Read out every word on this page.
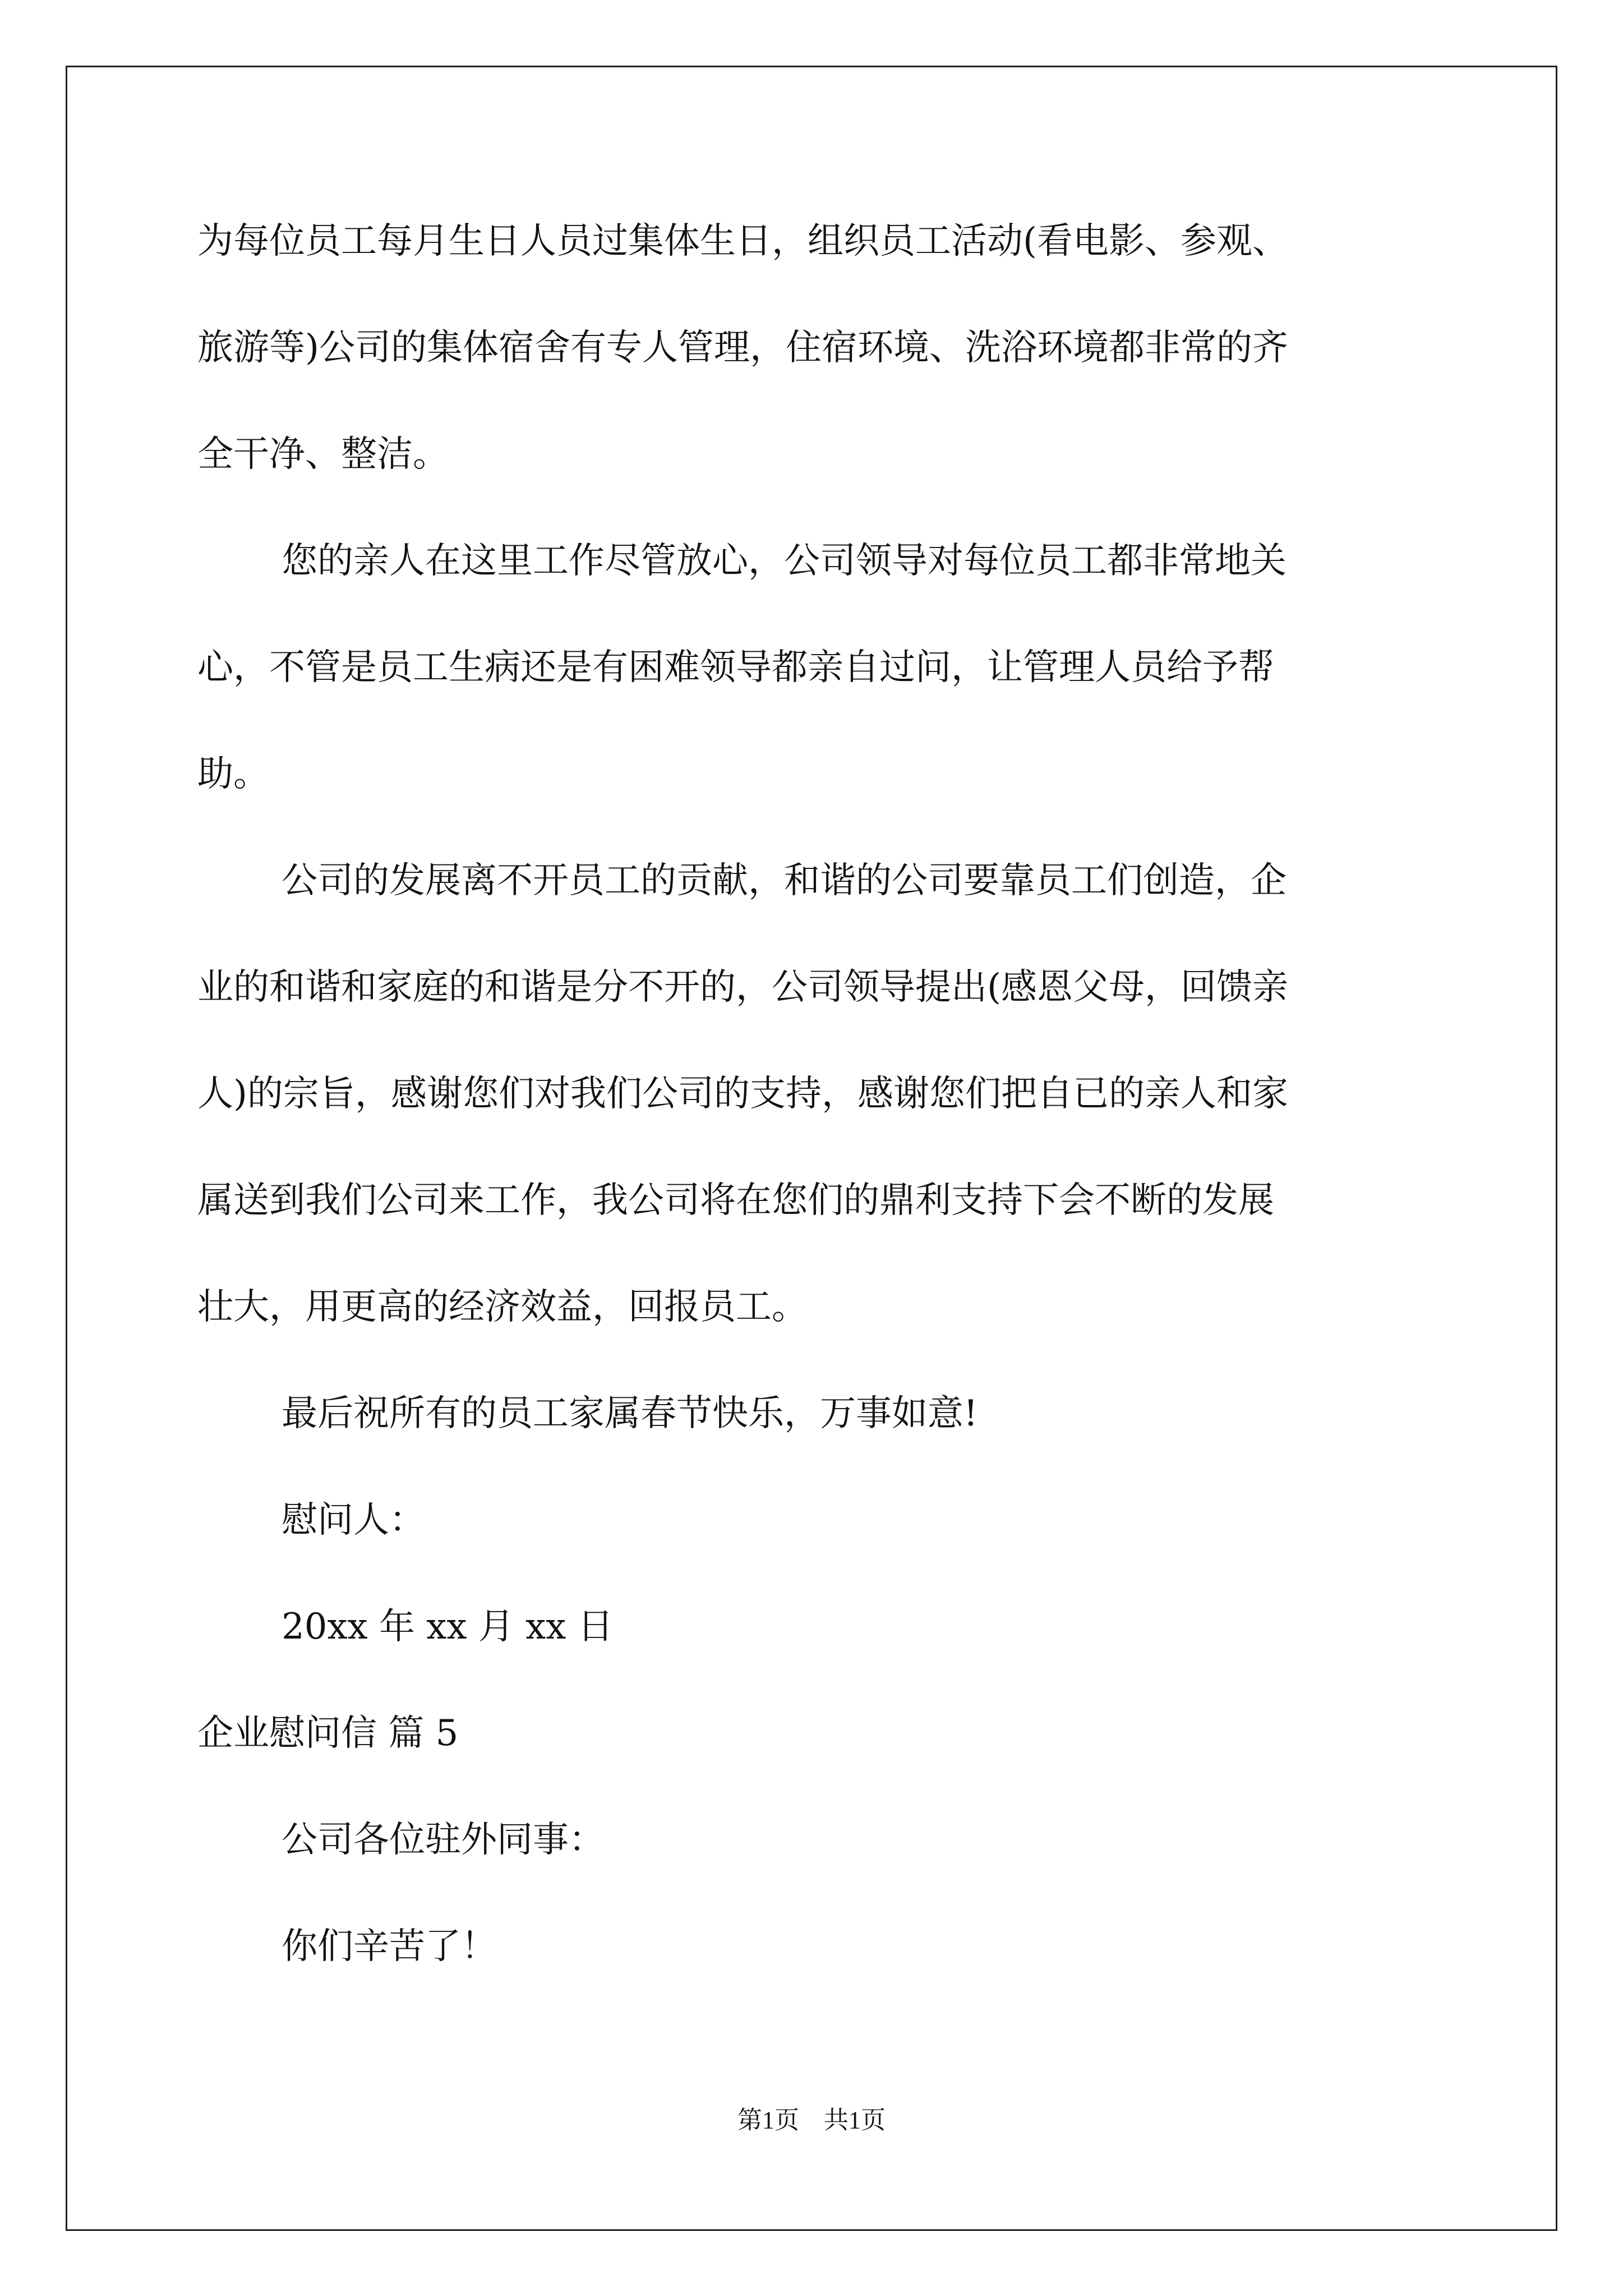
为每位员工每月生日人员过集体生日，组织员工活动(看电影、参观、
旅游等)公司的集体宿舍有专人管理，住宿环境、洗浴环境都非常的齐
全干净、整洁。
您的亲人在这里工作尽管放心，公司领导对每位员工都非常地关
心，不管是员工生病还是有困难领导都亲自过问，让管理人员给予帮
助。
公司的发展离不开员工的贡献，和谐的公司要靠员工们创造，企
业的和谐和家庭的和谐是分不开的，公司领导提出(感恩父母，回馈亲
人)的宗旨，感谢您们对我们公司的支持，感谢您们把自已的亲人和家
属送到我们公司来工作，我公司将在您们的鼎利支持下会不断的发展
壮大，用更高的经济效益，回报员工。
最后祝所有的员工家属春节快乐，万事如意!
慰问人：
20xx 年 xx 月 xx 日
企业慰问信 篇 5
公司各位驻外同事：
你们辛苦了！
第1页　共1页
